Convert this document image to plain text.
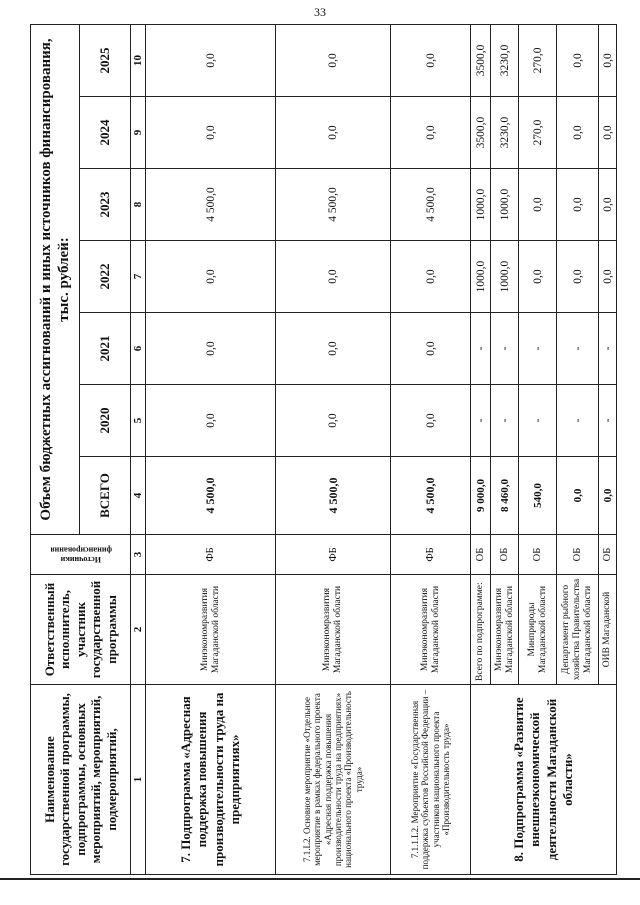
33
Наименование государственной программы, подпрограммы, основных мероприятий, мероприятий, подмероприятий,	Ответственный исполнитель, участник государственной программы	Источники финансирования	Объем бюджетных ассигнований и иных источников финансирования, тыс. рублей:						
			ВСЕГО	2020	2021	2022	2023	2024	2025
1	2	3	4	5	6	7	8	9	10
7. Подпрограмма «Адресная поддержка повышения производительности труда на предприятиях»	Минэкономразвития Магаданской области	ФБ	4 500,0	0,0	0,0	0,0	4 500,0	0,0	0,0
7.1.L2. Основное мероприятие «Отдельное мероприятие в рамках федерального проекта «Адресная поддержка повышения производительности труда на предприятиях» национального проекта «Производительность труда»	Минэкономразвития Магаданской области	ФБ	4 500,0	0,0	0,0	0,0	4 500,0	0,0	0,0
7.1.1.L2. Мероприятие «Государственная поддержка субъектов Российской Федерации – участников национального проекта «Производительность труда»	Минэкономразвития Магаданской области	ФБ	4 500,0	0,0	0,0	0,0	4 500,0	0,0	0,0
8. Подпрограмма «Развитие внешнеэкономической деятельности Магаданской области»	Всего по подпрограмме:	ОБ	9 000,0	-	-	1000,0	1000,0	3500,0	3500,0
	Минэкономразвития Магаданской области	ОБ	8 460,0	-	-	1000,0	1000,0	3230,0	3230,0
	Минприроды Магаданской области	ОБ	540,0	-	-	0,0	0,0	270,0	270,0
	Департамент рыбного хозяйства Правительства Магаданской области	ОБ	0,0	-	-	0,0	0,0	0,0	0,0
	ОИВ Магаданской	ОБ	0,0	-	-	0,0	0,0	0,0	0,0
